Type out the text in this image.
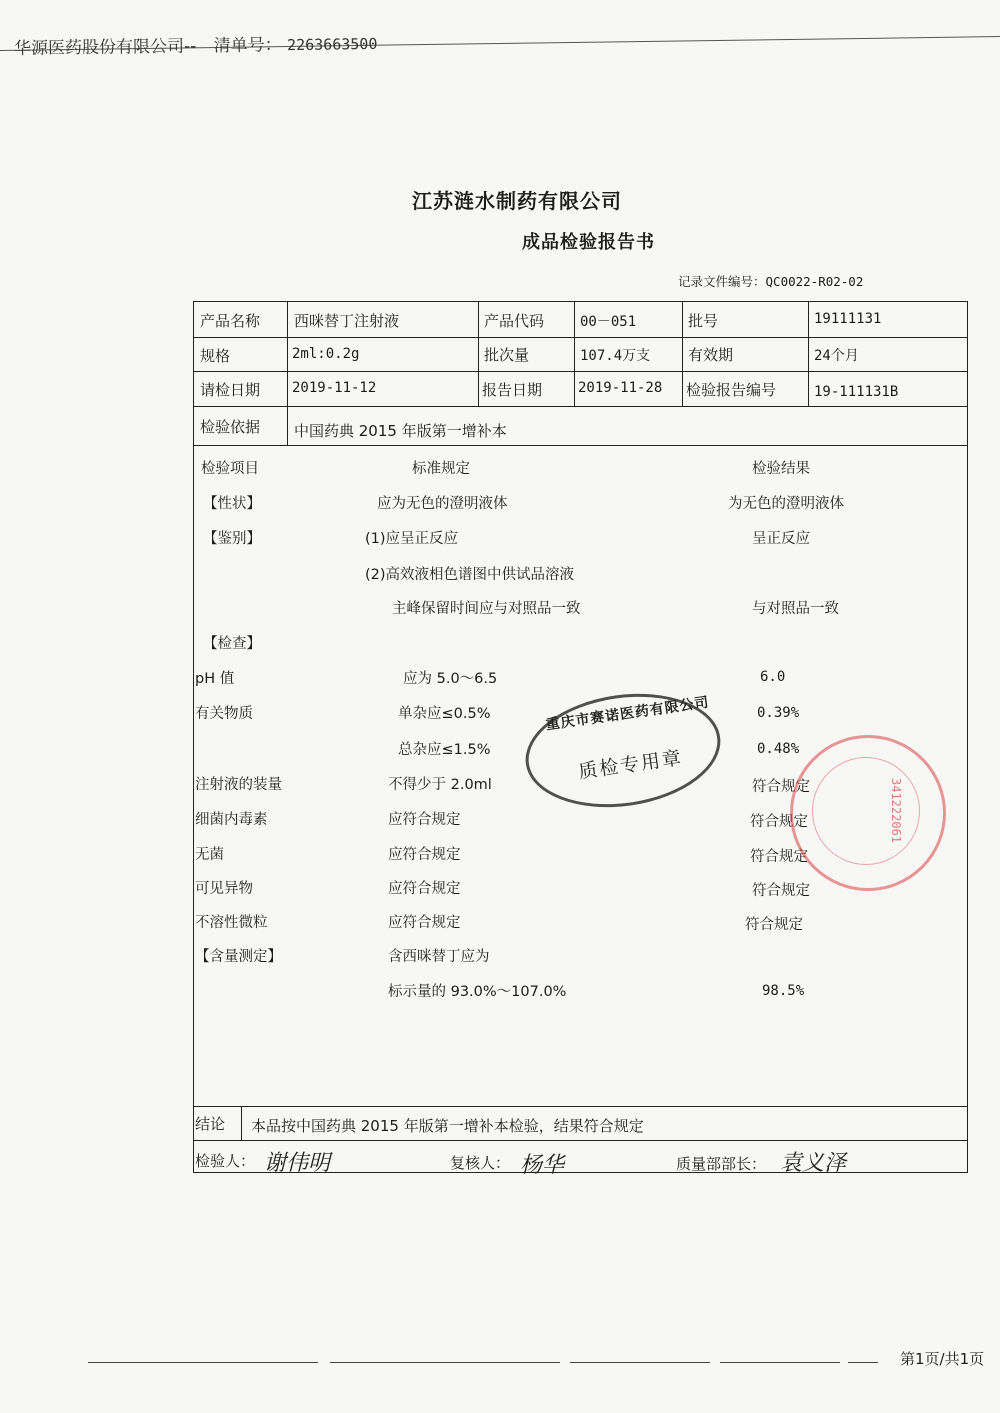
华源医药股份有限公司-- 清单号： 2263663500
江苏涟水制药有限公司
成品检验报告书
记录文件编号：QC0022-R02-02
产品名称 西咪替丁注射液	产品代码	00－051	批号	19111131
规格	2ml:0.2g	批次量	107.4万支	有效期	24个月
请检日期 2019-11-12	报告日期	2019-11-28 检验报告编号	19-111131B
检验依据 中国药典 2015 年版第一增补本
检验项目	标准规定	检验结果
【性状】	应为无色的澄明液体	为无色的澄明液体
【鉴别】	(1)应呈正反应	呈正反应
(2)高效液相色谱图中供试品溶液
主峰保留时间应与对照品一致	与对照品一致
【检查】
pH 值	应为 5.0～6.5	6.0
有关物质	单杂应≤0.5%	0.39%
总杂应≤1.5%	0.48%
注射液的装量	不得少于 2.0ml	符合规定
细菌内毒素	应符合规定	符合规定
无菌	应符合规定	符合规定
可见异物	应符合规定	符合规定
不溶性微粒	应符合规定	符合规定
【含量测定】	含西咪替丁应为
标示量的 93.0%～107.0%	98.5%
结论 本品按中国药典 2015 年版第一增补本检验，结果符合规定
检验人： 谢伟明	复核人： 杨华	质量部部长： 袁义泽
重庆市赛诺医药有限公司
质检专用章
341222061
第1页/共1页
